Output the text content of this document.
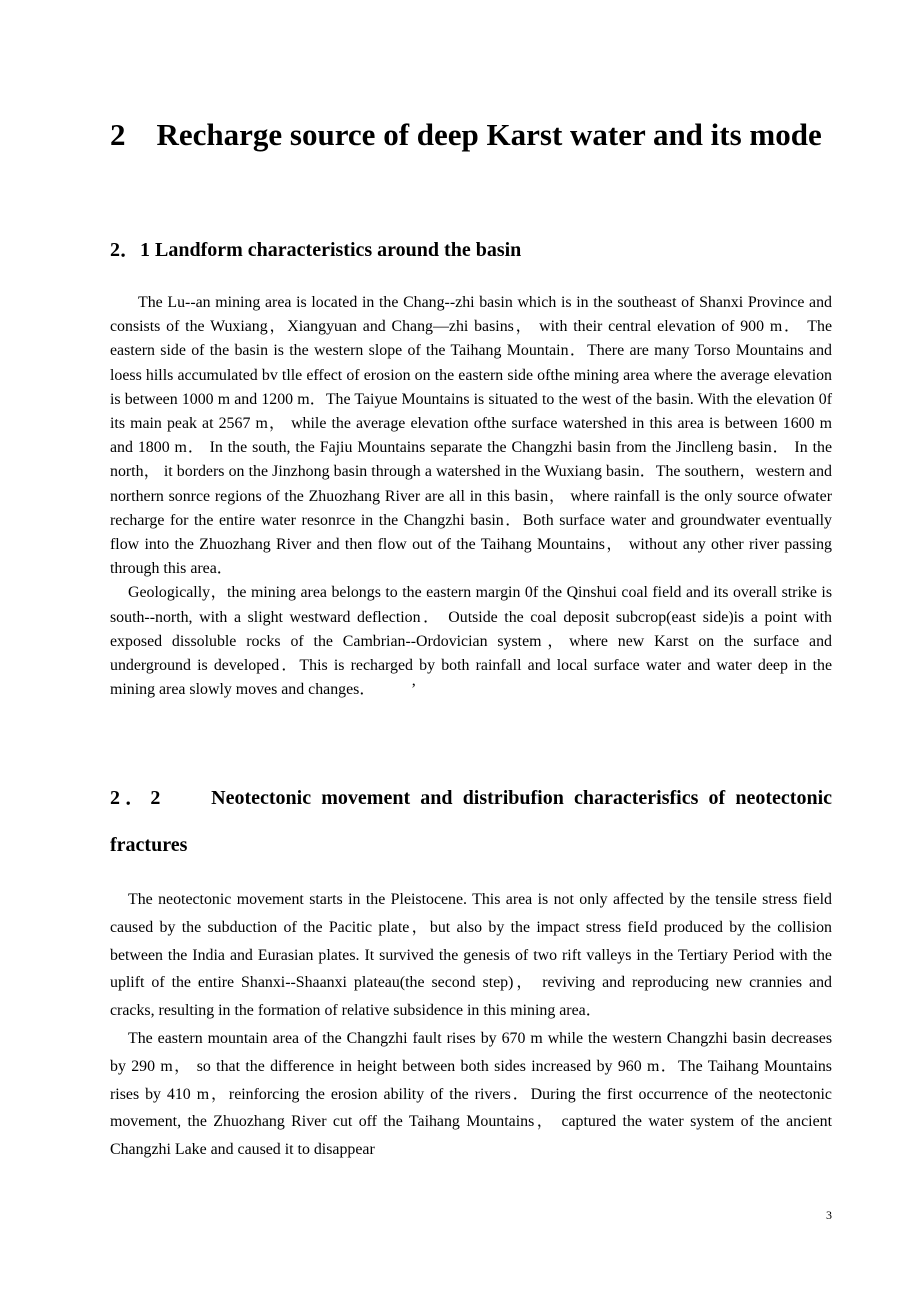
2    Recharge source of deep Karst water and its mode
2．1 Landform characteristics around the basin

The Lu--an mining area is located in the Chang--zhi basin which is in the southeast of Shanxi Province and consists of the Wuxiang，Xiangyuan and Chang—zhi basins， with their central elevation of 900 m． The eastern side of the basin is the western slope of the Taihang Mountain．There are many Torso Mountains and loess hills accumulated bv tlle effect of erosion on the eastern side ofthe mining area where the average elevation is between 1000 m and 1200 m．The Taiyue Mountains is situated to the west of the basin. With the elevation 0f its main peak at 2567 m， while the average elevation ofthe surface watershed in this area is between 1600 m and 1800 m． In the south, the Fajiu Mountains separate the Changzhi basin from the Jinclleng basin． In the north， it borders on the Jinzhong basin through a watershed in the Wuxiang basin．The southern，western and northern sonrce regions of the Zhuozhang River are all in this basin， where rainfall is the only source ofwater recharge for the entire water resonrce in the Changzhi basin．Both surface water and groundwater eventually flow into the Zhuozhang River and then flow out of the Taihang Mountains， without any other river passing through this area．

Geologically，the mining area belongs to the eastern margin 0f the Qinshui coal field and its overall strike is south--north, with a slight westward deflection． Outside the coal deposit subcrop(east side)is a point with exposed dissoluble rocks of the Cambrian--Ordovician system，where new Karst on the surface and underground is developed．This is recharged by both rainfall and local surface water and water deep in the mining area slowly moves and changes．         ’

2．2     Neotectonic movement and distribufion characterisfics of neotectonic fractures

The neotectonic movement starts in the Pleistocene. This area is not only affected by the tensile stress field caused by the subduction of the Pacitic plate，but also by the impact stress fieId produced by the collision between the India and Eurasian plates. It survived the genesis of two rift valleys in the Tertiary Period with the uplift of the entire Shanxi--Shaanxi plateau(the second step)， reviving and reproducing new crannies and cracks, resulting in the formation of relative subsidence in this mining area．

The eastern mountain area of the Changzhi fault rises by 670 m while the western Changzhi basin decreases by 290 m， so that the difference in height between both sides increased by 960 m．The Taihang Mountains rises by 410 m，reinforcing the erosion ability of the rivers．During the first occurrence of the neotectonic movement, the Zhuozhang River cut off the Taihang Mountains， captured the water system of the ancient Changzhi Lake and caused it to disappear

3
